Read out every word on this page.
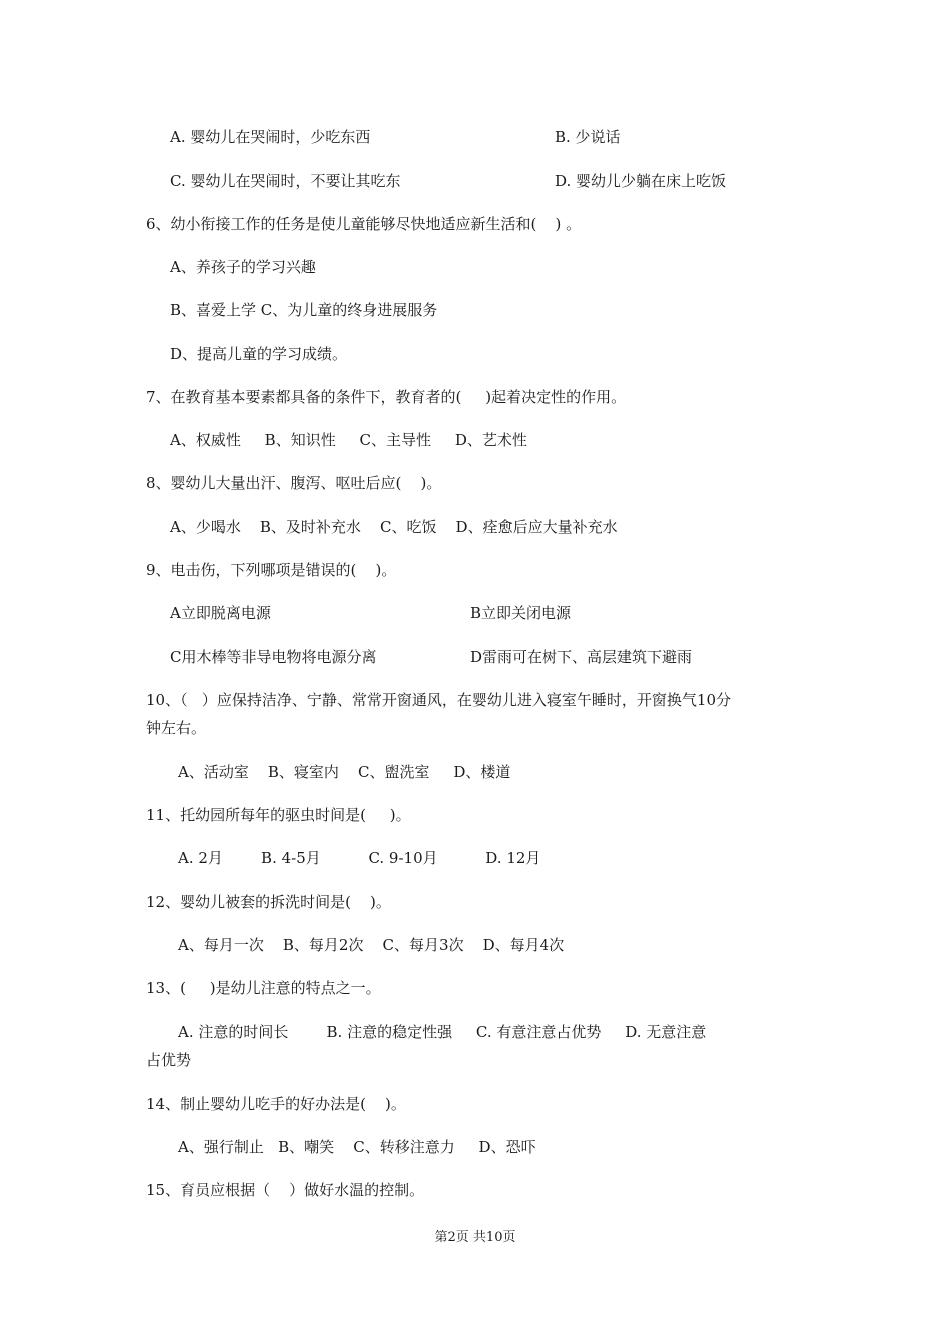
A. 婴幼儿在哭闹时，少吃东西	B. 少说话
C. 婴幼儿在哭闹时，不要让其吃东	D. 婴幼儿少躺在床上吃饭
6、幼小衔接工作的任务是使儿童能够尽快地适应新生活和(    ) 。
A、养孩子的学习兴趣
B、喜爱上学 C、为儿童的终身进展服务
D、提高儿童的学习成绩。
7、在教育基本要素都具备的条件下，教育者的(     )起着决定性的作用。
A、权威性     B、知识性     C、主导性     D、艺术性
8、婴幼儿大量出汗、腹泻、呕吐后应(    )。
A、少喝水    B、及时补充水    C、吃饭    D、痊愈后应大量补充水
9、电击伤，下列哪项是错误的(    )。
A立即脱离电源	B立即关闭电源
C用木棒等非导电物将电源分离	D雷雨可在树下、高层建筑下避雨
10、（   ）应保持洁净、宁静、常常开窗通风，在婴幼儿进入寝室午睡时，开窗换气10分
钟左右。
A、活动室    B、寝室内    C、盥洗室     D、楼道
11、托幼园所每年的驱虫时间是(     )。
A. 2月        B. 4-5月          C. 9-10月          D. 12月
12、婴幼儿被套的拆洗时间是(    )。
A、每月一次    B、每月2次    C、每月3次    D、每月4次
13、(     )是幼儿注意的特点之一。
A. 注意的时间长        B. 注意的稳定性强     C. 有意注意占优势     D. 无意注意
占优势
14、制止婴幼儿吃手的好办法是(    )。
A、强行制止   B、嘲笑    C、转移注意力     D、恐吓
15、育员应根据（    ）做好水温的控制。
第2页 共10页
